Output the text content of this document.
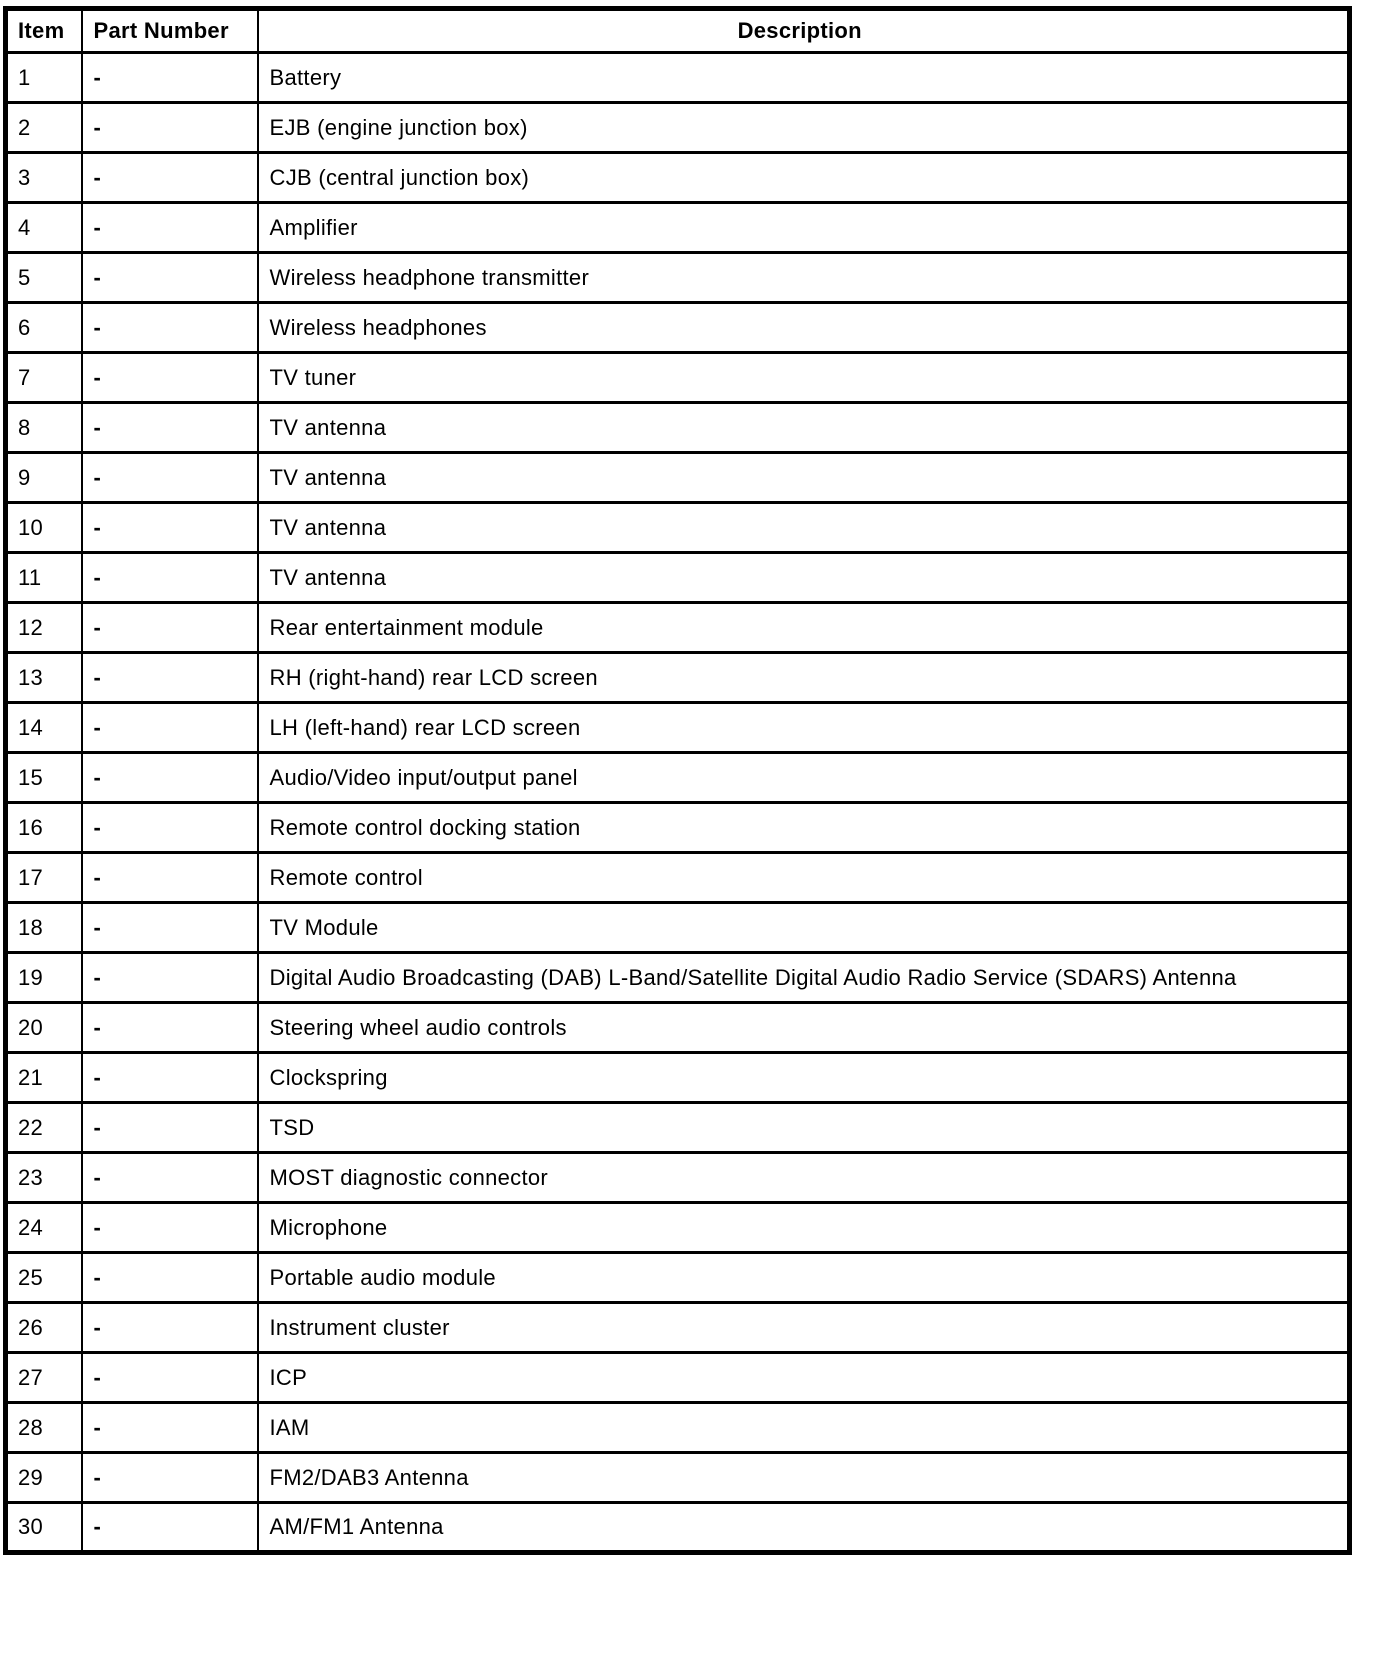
Item	Part Number	Description
1	-	Battery
2	-	EJB (engine junction box)
3	-	CJB (central junction box)
4	-	Amplifier
5	-	Wireless headphone transmitter
6	-	Wireless headphones
7	-	TV tuner
8	-	TV antenna
9	-	TV antenna
10	-	TV antenna
11	-	TV antenna
12	-	Rear entertainment module
13	-	RH (right-hand) rear LCD screen
14	-	LH (left-hand) rear LCD screen
15	-	Audio/Video input/output panel
16	-	Remote control docking station
17	-	Remote control
18	-	TV Module
19	-	Digital Audio Broadcasting (DAB) L-Band/Satellite Digital Audio Radio Service (SDARS) Antenna
20	-	Steering wheel audio controls
21	-	Clockspring
22	-	TSD
23	-	MOST diagnostic connector
24	-	Microphone
25	-	Portable audio module
26	-	Instrument cluster
27	-	ICP
28	-	IAM
29	-	FM2/DAB3 Antenna
30	-	AM/FM1 Antenna
